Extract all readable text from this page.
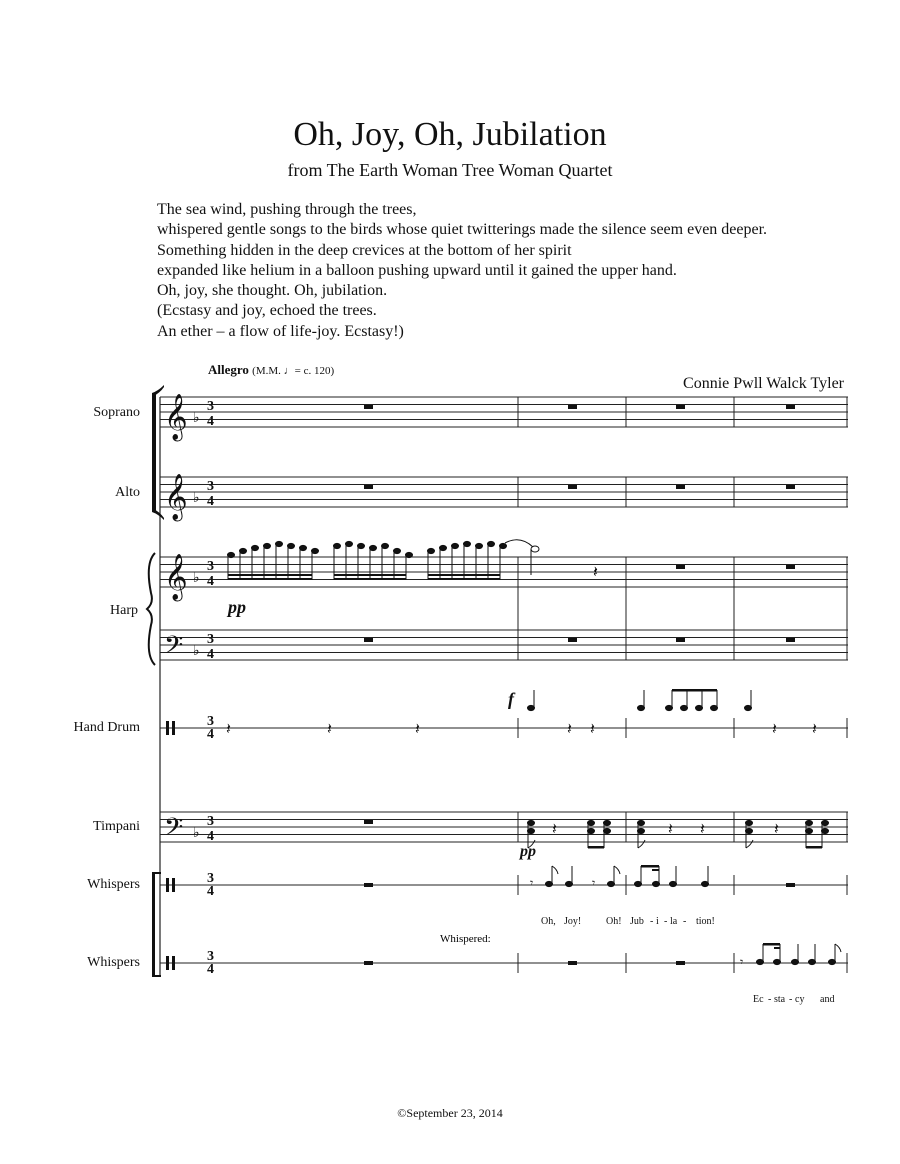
Oh, Joy, Oh, Jubilation
from The Earth Woman Tree Woman Quartet
The sea wind, pushing through the trees,
whispered gentle songs to the birds whose quiet twitterings made the silence seem even deeper.
Something hidden in the deep crevices at the bottom of her spirit
expanded like helium in a balloon pushing upward until it gained the upper hand.
Oh, joy, she thought. Oh, jubilation.
(Ecstasy and joy, echoed the trees.
An ether – a flow of life-joy. Ecstasy!)
Allegro (M.M. ♩= c. 120)
Connie Pwll Walck Tyler
Soprano
Alto
Harp
Hand Drum
Timpani
Whispers
Whispers
𝄞
𝄞
𝄞
𝄢
𝄢
♭
♭
♭
♭
♭
3
4
3
4
3
4
3
4
3
4
3
4
3
4
3
4
𝄽
𝄽	𝄽	𝄽	𝄽 𝄽	𝄽 𝄽
𝄽	𝄽 𝄽	𝄽
𝄾	𝄾
𝄾
pp
f
pp
Whispered:
Oh, Joy! Oh! Jub - i - la - tion!
Ec - sta - cy and
©September 23, 2014
